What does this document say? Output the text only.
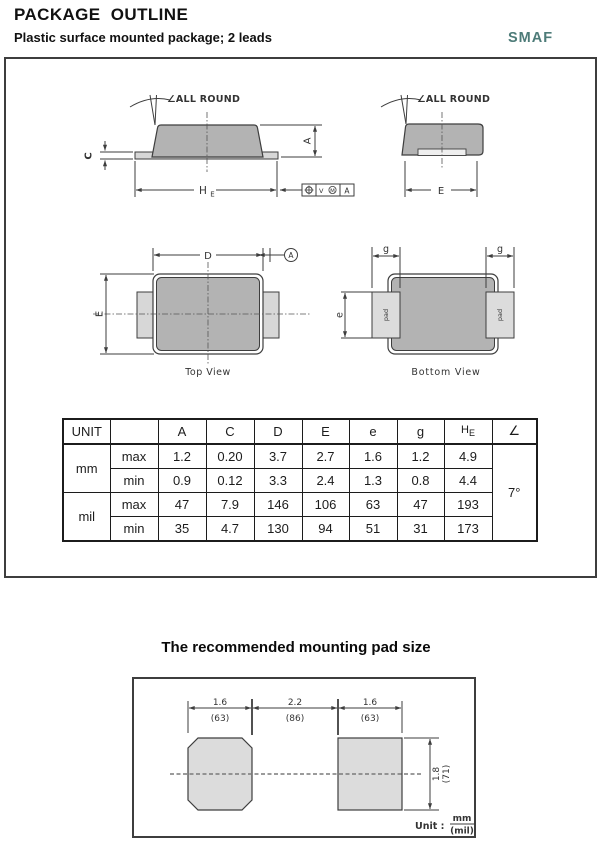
PACKAGE  OUTLINE
Plastic surface mounted package; 2 leads	SMAF
∠ALL ROUND
C
A
H $_E$	V M A
∠ALL ROUND
E
D	A
E
Top View
pad	pad
g	g
e
Bottom View
UNIT		A	C	D	E	e	g	$H_E$	∠
mm	max	1.2	0.20	3.7	2.7	1.6	1.2	4.9	7°
	min	0.9	0.12	3.3	2.4	1.3	0.8	4.4	
mil	max	47	7.9	146	106	63	47	193	
	min	35	4.7	130	94	51	31	173	
The recommended mounting pad size
1.6
(63)
2.2
(86)
1.6
(63)
1.8 (71)
Unit :
mm
(mil)
